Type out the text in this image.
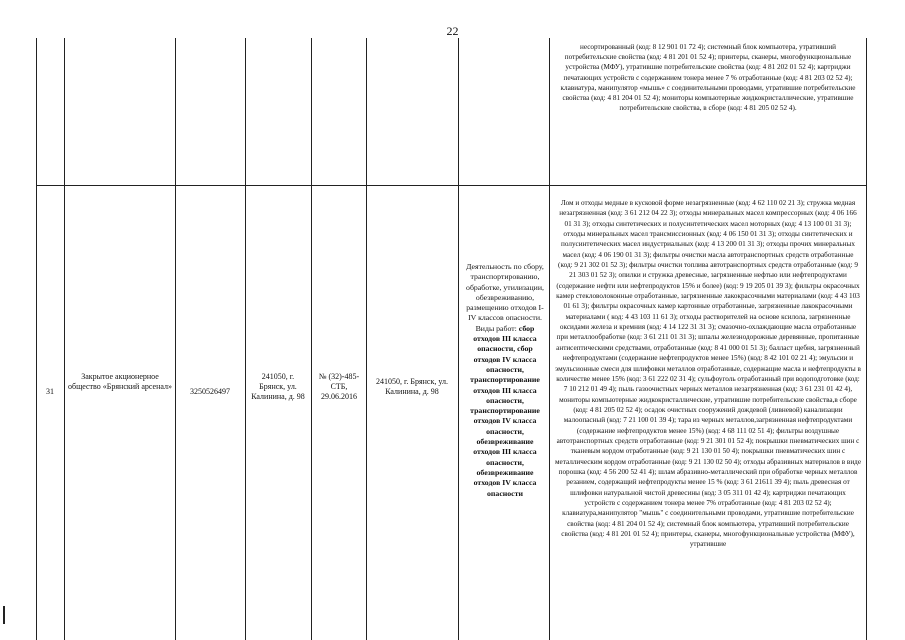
22
несортированный (код: 8 12 901 01 72 4); системный блок компьютера, утративший потребительские свойства (код: 4 81 201 01 52 4); принтеры, сканеры, многофункциональные устройства (МФУ), утратившие потребительские свойства (код: 4 81 202 01 52 4); картриджи печатающих устройств с содержанием тонера менее 7 % отработанные (код: 4 81 203 02 52 4); клавиатура, манипулятор «мышь» с соединительными проводами, утратившие потребительские свойства (код: 4 81 204 01 52 4); мониторы компьютерные жидкокристаллические, утратившие потребительские свойства, в сборе (код: 4 81 205 02 52 4).
31
Закрытое акционерное общество «Брянский арсенал»
3250526497
241050, г. Брянск, ул. Калинина, д. 98
№ (32)-485-СТБ, 29.06.2016
241050, г. Брянск, ул. Калинина, д. 98
Деятельность по сбору, транспортированию, обработке, утилизации, обезвреживанию, размещению отходов I-IV классов опасности. Виды работ: сбор отходов III класса опасности, сбор отходов IV класса опасности, транспортирование отходов III класса опасности, транспортирование отходов IV класса опасности, обезвреживание отходов III класса опасности, обезвреживание отходов IV класса опасности
Лом и отходы медные в кусковой форме незагрязненные (код: 4 62 110 02 21 3); стружка медная незагрязненная (код: 3 61 212 04 22 3); отходы минеральных масел компрессорных (код: 4 06 166 01 31 3); отходы синтетических и полусинтетических масел моторных (код: 4 13 100 01 31 3); отходы минеральных масел трансмиссионных (код: 4 06 150 01 31 3); отходы синтетических и полусинтетических масел индустриальных (код: 4 13 200 01 31 3); отходы прочих минеральных масел (код: 4 06 190 01 31 3); фильтры очистки масла автотранспортных средств отработанные (код: 9 21 302 01 52 3); фильтры очистки топлива автотранспортных средств отработанные (код: 9 21 303 01 52 3); опилки и стружка древесные, загрязненные нефтью или нефтепродуктами (содержание нефти или нефтепродуктов 15% и более) (код: 9 19 205 01 39 3); фильтры окрасочных камер стекловолоконные отработанные, загрязненные лакокрасочными материалами (код: 4 43 103 01 61 3); фильтры окрасочных камер картонные отработанные, загрязненные лакокрасочными материалами ( код: 4 43 103 11 61 3); отходы растворителей на основе ксилола, загрязненные оксидами железа и кремния (код: 4 14 122 31 31 3); смазочно-охлаждающие масла отработанные при металлообработке (код: 3 61 211 01 31 3); шпалы железнодорожные деревянные, пропитанные антисептическими средствами, отработанные (код: 8 41 000 01 51 3); балласт щебня, загрязненный нефтепродуктами (содержание нефтепродуктов менее 15%) (код: 8 42 101 02 21 4); эмульсии и эмульсионные смеси для шлифовки металлов отработанные, содержащие масла и нефтепродукты в количестве менее 15% (код: 3 61 222 02 31 4); сульфоуголь отработанный при водоподготовке (код: 7 10 212 01 49 4); пыль газоочистных черных металлов незагрязненная (код: 3 61 231 01 42 4), мониторы компьютерные жидкокристаллические, утратившие потребительские свойства,в сборе (код: 4 81 205 02 52 4); осадок очистных сооружений дождевой (ливневой) канализации малоопасный (код: 7 21 100 01 39 4); тара из черных металлов,загрязненная нефтепродуктами (содержание нефтепродуктов менее 15%) (код: 4 68 111 02 51 4); фильтры воздушные автотранспортных средств отработанные (код: 9 21 301 01 52 4); покрышки пневматических шин с тканевым кордом отработанные (код: 9 21 130 01 50 4); покрышки пневматических шин с металлическим кордом отработанные (код: 9 21 130 02 50 4); отходы абразивных материалов в виде порошка (код: 4 56 200 52 41 4); шлам абразивно-металлический при обработке черных металлов резанием, содержащий нефтепродукты менее 15 % (код: 3 61 21611 39 4); пыль древесная от шлифовки натуральной чистой древесины (код: 3 05 311 01 42 4); картриджи печатающих устройств с содержанием тонера менее 7% отработанные (код: 4 81 203 02 52 4); клавиатура,манипулятор "мышь" с соединительными проводами, утратившие потребительские свойства (код: 4 81 204 01 52 4); системный блок компьютера, утративший потребительские свойства (код: 4 81 201 01 52 4); принтеры, сканеры, многофункциональные устройства (МФУ), утратившие
